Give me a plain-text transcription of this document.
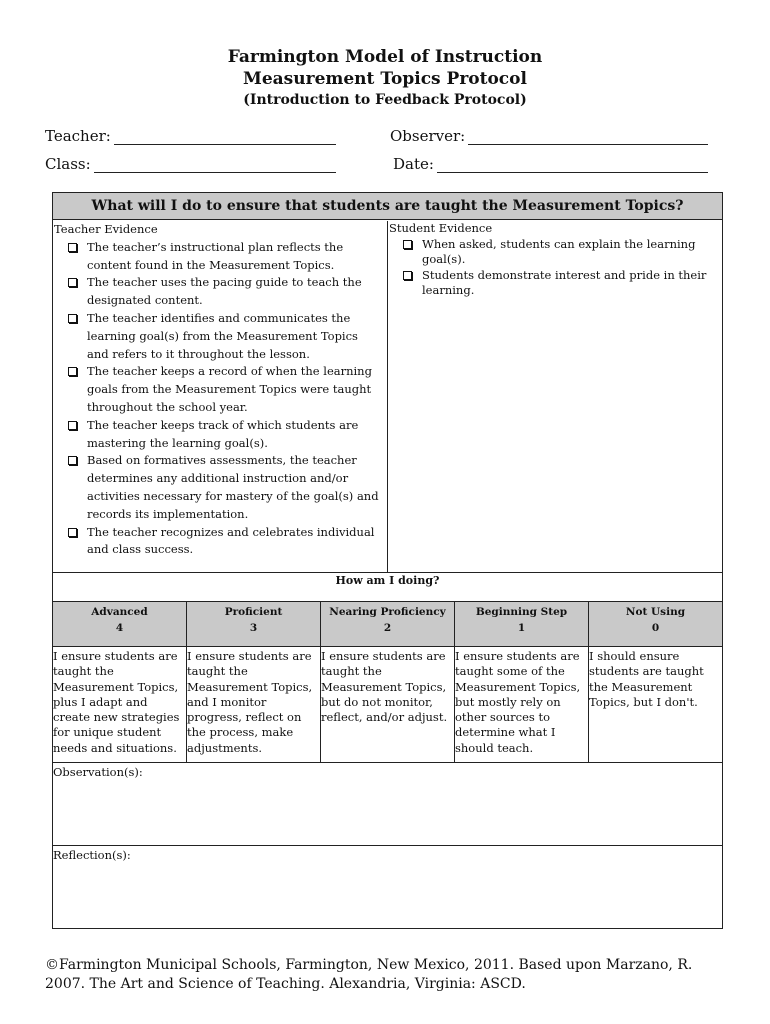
Farmington Model of Instruction
Measurement Topics Protocol
(Introduction to Feedback Protocol)
Teacher:	Observer:
Class:	Date:
What will I do to ensure that students are taught the Measurement Topics?
Teacher Evidence
The teacher’s instructional plan reflects the content found in the Measurement Topics.
The teacher uses the pacing guide to teach the designated content.
The teacher identifies and communicates the learning goal(s) from the Measurement Topics and refers to it throughout the lesson.
The teacher keeps a record of when the learning goals from the Measurement Topics were taught throughout the school year.
The teacher keeps track of which students are mastering the learning goal(s).
Based on formatives assessments, the teacher determines any additional instruction and/or activities necessary for mastery of the goal(s) and records its implementation.
The teacher recognizes and celebrates individual and class success.
Student Evidence
When asked, students can explain the learning goal(s).
Students demonstrate interest and pride in their learning.
How am I doing?
Advanced
4
I ensure students are taught the Measurement Topics, plus I adapt and create new strategies for unique student needs and situations.
Proficient
3
I ensure students are taught the Measurement Topics, and I monitor progress, reflect on the process, make adjustments.
Nearing Proficiency
2
I ensure students are taught the Measurement Topics, but do not monitor, reflect, and/or adjust.
Beginning Step
1
I ensure students are taught some of the Measurement Topics, but mostly rely on other sources to determine what I should teach.
Not Using
0
I should ensure students are taught the Measurement Topics, but I don't.
Observation(s):
Reflection(s):
©Farmington Municipal Schools, Farmington, New Mexico, 2011. Based upon Marzano, R. 2007. The Art and Science of Teaching. Alexandria, Virginia: ASCD.
